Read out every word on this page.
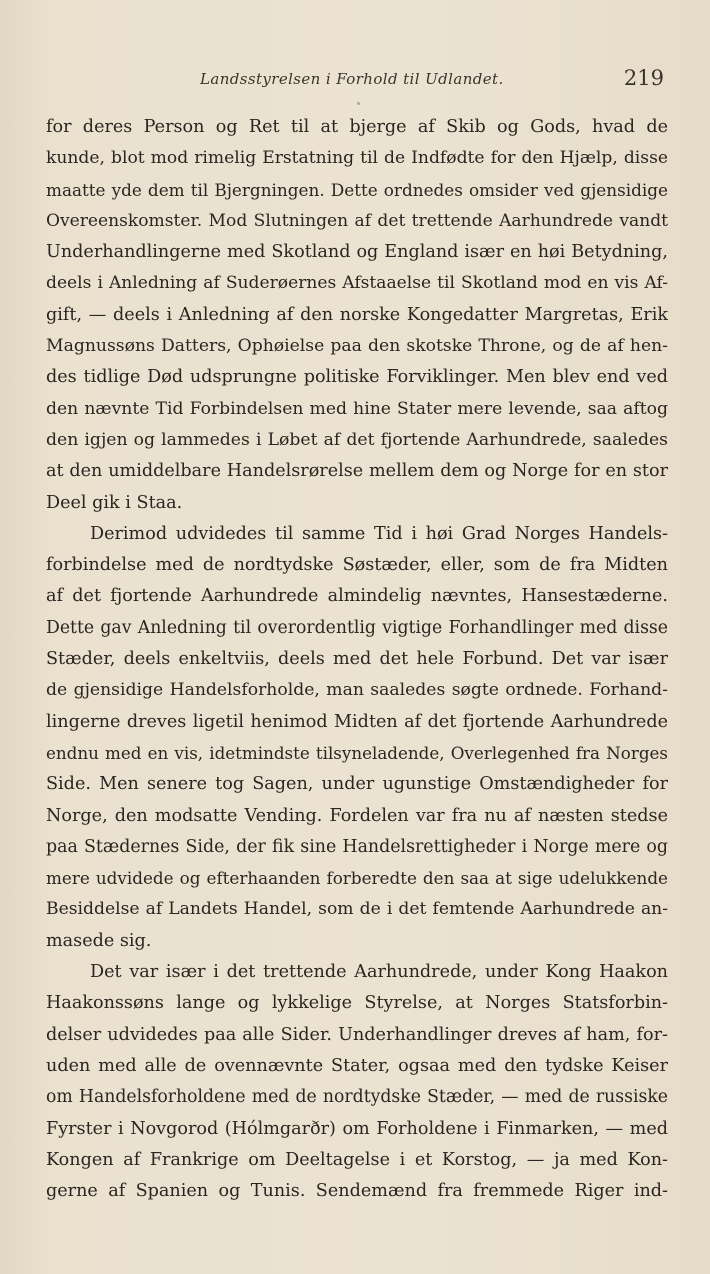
Landsstyrelsen i Forhold til Udlandet.	219
for deres Person og Ret til at bjerge af Skib og Gods, hvad de
kunde, blot mod rimelig Erstatning til de Indfødte for den Hjælp, disse
maatte yde dem til Bjergningen. Dette ordnedes omsider ved gjensidige
Overeenskomster. Mod Slutningen af det trettende Aarhundrede vandt
Underhandlingerne med Skotland og England især en høi Betydning,
deels i Anledning af Suderøernes Afstaaelse til Skotland mod en vis Af-
gift, — deels i Anledning af den norske Kongedatter Margretas, Erik
Magnussøns Datters, Ophøielse paa den skotske Throne, og de af hen-
des tidlige Død udsprungne politiske Forviklinger. Men blev end ved
den nævnte Tid Forbindelsen med hine Stater mere levende, saa aftog
den igjen og lammedes i Løbet af det fjortende Aarhundrede, saaledes
at den umiddelbare Handelsrørelse mellem dem og Norge for en stor
Deel gik i Staa.
Derimod udvidedes til samme Tid i høi Grad Norges Handels-
forbindelse med de nordtydske Søstæder, eller, som de fra Midten
af det fjortende Aarhundrede almindelig nævntes, Hansestæderne.
Dette gav Anledning til overordentlig vigtige Forhandlinger med disse
Stæder, deels enkeltviis, deels med det hele Forbund. Det var især
de gjensidige Handelsforholde, man saaledes søgte ordnede. Forhand-
lingerne dreves ligetil henimod Midten af det fjortende Aarhundrede
endnu med en vis, idetmindste tilsyneladende, Overlegenhed fra Norges
Side. Men senere tog Sagen, under ugunstige Omstændigheder for
Norge, den modsatte Vending. Fordelen var fra nu af næsten stedse
paa Stædernes Side, der fik sine Handelsrettigheder i Norge mere og
mere udvidede og efterhaanden forberedte den saa at sige udelukkende
Besiddelse af Landets Handel, som de i det femtende Aarhundrede an-
masede sig.
Det var især i det trettende Aarhundrede, under Kong Haakon
Haakonssøns lange og lykkelige Styrelse, at Norges Statsforbin-
delser udvidedes paa alle Sider. Underhandlinger dreves af ham, for-
uden med alle de ovennævnte Stater, ogsaa med den tydske Keiser
om Handelsforholdene med de nordtydske Stæder, — med de russiske
Fyrster i Novgorod (Hólmgarðr) om Forholdene i Finmarken, — med
Kongen af Frankrige om Deeltagelse i et Korstog, — ja med Kon-
gerne af Spanien og Tunis. Sendemænd fra fremmede Riger ind-
